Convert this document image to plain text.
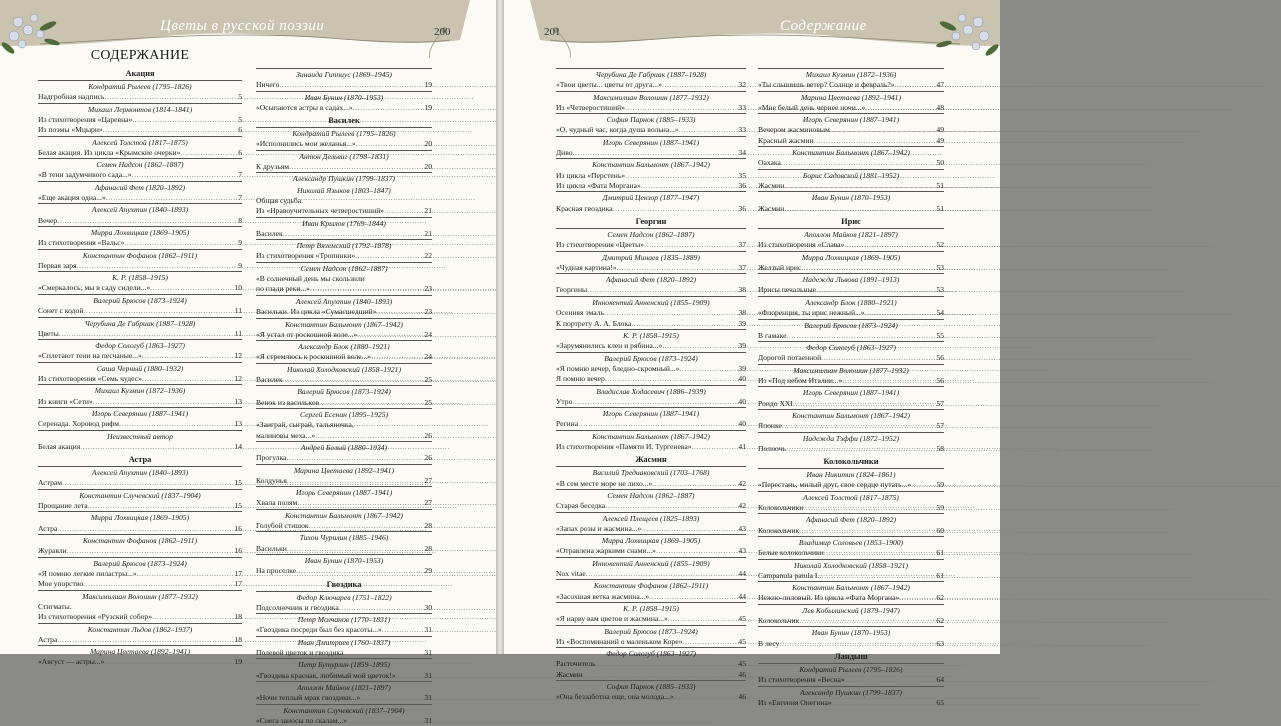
Цветы в русской поэзии	200
СОДЕРЖАНИЕ
Акация
Кондратий Рылеев (1795–1826)
Надгробная надпись .....	5
Михаил Лермонтов (1814–1841)
Из стихотворения «Царевна» .....	5
Из поэмы «Мцыри» .....	6
Алексей Толстой (1817–1875)
Белая акация. Из цикла «Крымские очерки» .....	6
Семен Надсон (1862–1887)
«В тени задумчивого сада...» .....	7
Афанасий Фет (1820–1892)
«Еще акация одна...» .....	7
Алексей Апухтин (1840–1893)
Вечер .....	8
Мирра Лохвицкая (1869–1905)
Из стихотворения «Вальс» .....	9
Константин Фофанов (1862–1911)
Первая заря .....	9
К. Р. (1858–1915)
«Смеркалось; мы в саду сидели...» .....	10
Валерий Брюсов (1873–1924)
Сонет с кодой .....	11
Черубина Де Габриак (1887–1928)
Цветы .....	11
Федор Сологуб (1863–1927)
«Сплетают тени на песчаные...» .....	12
Саша Черный (1880–1932)
Из стихотворения «Семь чудес» .....	12
Михаил Кузмин (1872–1936)
Из книги «Сети» .....	13
Игорь Северянин (1887–1941)
Серенада. Хоровод рифм .....	13
Неизвестный автор
Белая акация .....	14
Астра
Алексей Апухтин (1840–1893)
Астрам .....	15
Константин Случевский (1837–1904)
Прощание лета .....	15
Мирра Лохвицкая (1869–1905)
Астра .....	16
Константин Фофанов (1862–1911)
Журавли .....	16
Валерий Брюсов (1873–1924)
«Я помню легкие пиластры...» .....	17
Мое упорство .....	17
Максимилиан Волошин (1877–1932)
Стигматы.
Из стихотворения «Рузский собор» .....	18
Константин Льдов (1862–1937)
Астра .....	18
Марина Цветаева (1892–1941)
«Август — астры...» .....	19
Зинаида Гиппиус (1869–1945)
Ничего .....	19
Иван Бунин (1870–1953)
«Осыпаются астры в садах...» .....	19
Василек
Кондратий Рылеев (1795–1826)
«Исполнились мои желанья...» .....	20
Антон Дельвиг (1798–1831)
К друзьям .....	20
Александр Пушкин (1799–1837)
Николай Языков (1803–1847)
Общая судьба.
Из «Нравоучительных четверостиший» .....	21
Иван Крылов (1769–1844)
Василек .....	21
Петр Вяземский (1792–1878)
Из стихотворения «Тропинки» .....	22
Семен Надсон (1862–1887)
«В солнечный день мы скользили
по глади реки...» .....	23
Алексей Апухтин (1840–1893)
Васильки. Из цикла «Сумасшедший» .....	23
Константин Бальмонт (1867–1942)
«Я устал от роскошной воле...» .....	24
Александр Блок (1880–1921)
«Я стремлюсь к роскошной воле...» .....	24
Николай Холодковский (1858–1921)
Василек .....	25
Валерий Брюсов (1873–1924)
Венок из васильков .....	25
Сергей Есенин (1895–1925)
«Заиграй, сыграй, тальяночка,
малиновы меха...» .....	26
Андрей Белый (1880–1934)
Прогулка .....	26
Марина Цветаева (1892–1941)
Колдунья .....	27
Игорь Северянин (1887–1941)
Хвала полям .....	27
Константин Бальмонт (1867–1942)
Голубой стишок .....	28
Тихон Чурилин (1885–1946)
Васильки .....	28
Иван Бунин (1870–1953)
На проселке .....	29
Гвоздика
Федор Ключарев (1751–1822)
Подсолнечник и гвоздика .....	30
Петр Молчанов (1770–1831)
«Гвоздика посреди был без красоты...» .....	31
Иван Дмитриев (1760–1837)
Полевой цветок и гвоздика .....	31
Петр Бутурлин (1859–1895)
«Гвоздика красная, любимый мой цветок!» .....	31
Аполлон Майков (1821–1897)
«Ночи теплый мрак гвоздики...» .....	31
Константин Случевский (1837–1904)
«Снега заносы по скалам...» .....	31
201	Содержание
Черубина Де Габриак (1887–1928)
«Твои цветы... цветы от друга...» .....	32
Максимилиан Волошин (1877–1932)
Из «Четверостиший» .....	33
София Парнок (1885–1933)
«О, чудный час, когда душа вольна...» .....	33
Игорь Северянин (1887–1941)
Диво .....	34
Константин Бальмонт (1867–1942)
Из цикла «Перстень» .....	35
Из цикла «Фата Моргана» .....	36
Дмитрий Цензор (1877–1947)
Красная гвоздика .....	36
Георгин
Семен Надсон (1862–1887)
Из стихотворения «Цветы» .....	37
Дмитрий Минаев (1835–1889)
«Чудная картина!» .....	37
Афанасий Фет (1820–1892)
Георгины .....	38
Иннокентий Анненский (1855–1909)
Осенняя эмаль .....	38
К портрету А. А. Блока .....	39
К. Р. (1858–1915)
«Зарумянились клен и рябина...» .....	39
Валерий Брюсов (1873–1924)
«Я помню вечер, бледно-скромный...» .....	39
Я помню вечер .....	40
Владислав Ходасевич (1886–1939)
Утро .....	40
Игорь Северянин (1887–1941)
Регина .....	40
Константин Бальмонт (1867–1942)
Из стихотворения «Памяти И. Тургенева» .....	41
Жасмин
Василий Тредиаковский (1703–1768)
«В сем месте море не лихо...» .....	42
Семен Надсон (1862–1887)
Старая беседка .....	42
Алексей Плещеев (1825–1893)
«Запах розы и жасмина...» .....	43
Мирра Лохвицкая (1869–1905)
«Отравлена жаркими снами...» .....	43
Иннокентий Анненский (1855–1909)
Nox vitae .....	44
Константин Фофанов (1862–1911)
«Засохшая ветка жасмина...» .....	44
К. Р. (1858–1915)
«Я нарву вам цветов и жасмина...» .....	45
Валерий Брюсов (1873–1924)
Из «Воспоминаний о маленьком Коре» .....	45
Федор Сологуб (1863–1927)
Расточитель .....	45
Жасмин .....	46
София Парнок (1885–1933)
«Она беззаботна еще, она молода...» .....	46
Михаил Кузмин (1872–1936)
«Ты слышишь ветер? Солнце и февраль?» .....	47
Марина Цветаева (1892–1941)
«Мне белый день чернее ночи...» .....	48
Игорь Северянин (1887–1941)
Вечером жасминовым .....	49
Красный жасмин .....	49
Константин Бальмонт (1867–1942)
Оахака .....	50
Борис Садовской (1881–1952)
Жасмин .....	51
Иван Бунин (1870–1953)
Жасмин .....	51
Ирис
Аполлон Майков (1821–1897)
Из стихотворения «Слава» .....	52
Мирра Лохвицкая (1869–1905)
Желтый ирис .....	53
Надежда Львова (1891–1913)
Ирисы печальные .....	53
Александр Блок (1880–1921)
«Флоренция, ты ирис нежный...» .....	54
Валерий Брюсов (1873–1924)
В гамаке .....	55
Федор Сологуб (1863–1927)
Дорогой потаенной .....	56
Максимилиан Волошин (1877–1932)
Из «Под небом Италии...» .....	56
Игорь Северянин (1887–1941)
Рондо XXI .....	57
Константин Бальмонт (1867–1942)
Японке .....	57
Надежда Тэффи (1872–1952)
Полночь .....	58
Колокольчики
Иван Никитин (1824–1861)
«Перестань, милый друг, свое сердце путать...» .....	59
Алексей Толстой (1817–1875)
Колокольчики .....	59
Афанасий Фет (1820–1892)
Колокольчик .....	60
Владимир Соловьев (1853–1900)
Белые колокольчики .....	61
Николай Холодковский (1858–1921)
Campanula patula L. .....	61
Константин Бальмонт (1867–1942)
Нежно-лиловый. Из цикла «Фата Моргана» .....	62
Лев Кобылинский (1879–1947)
Колокольчик .....	62
Иван Бунин (1870–1953)
В лесу .....	63
Ландыш
Кондратий Рылеев (1795–1826)
Из стихотворения «Весна» .....	64
Александр Пушкин (1799–1837)
Из «Евгения Онегина» .....	65
